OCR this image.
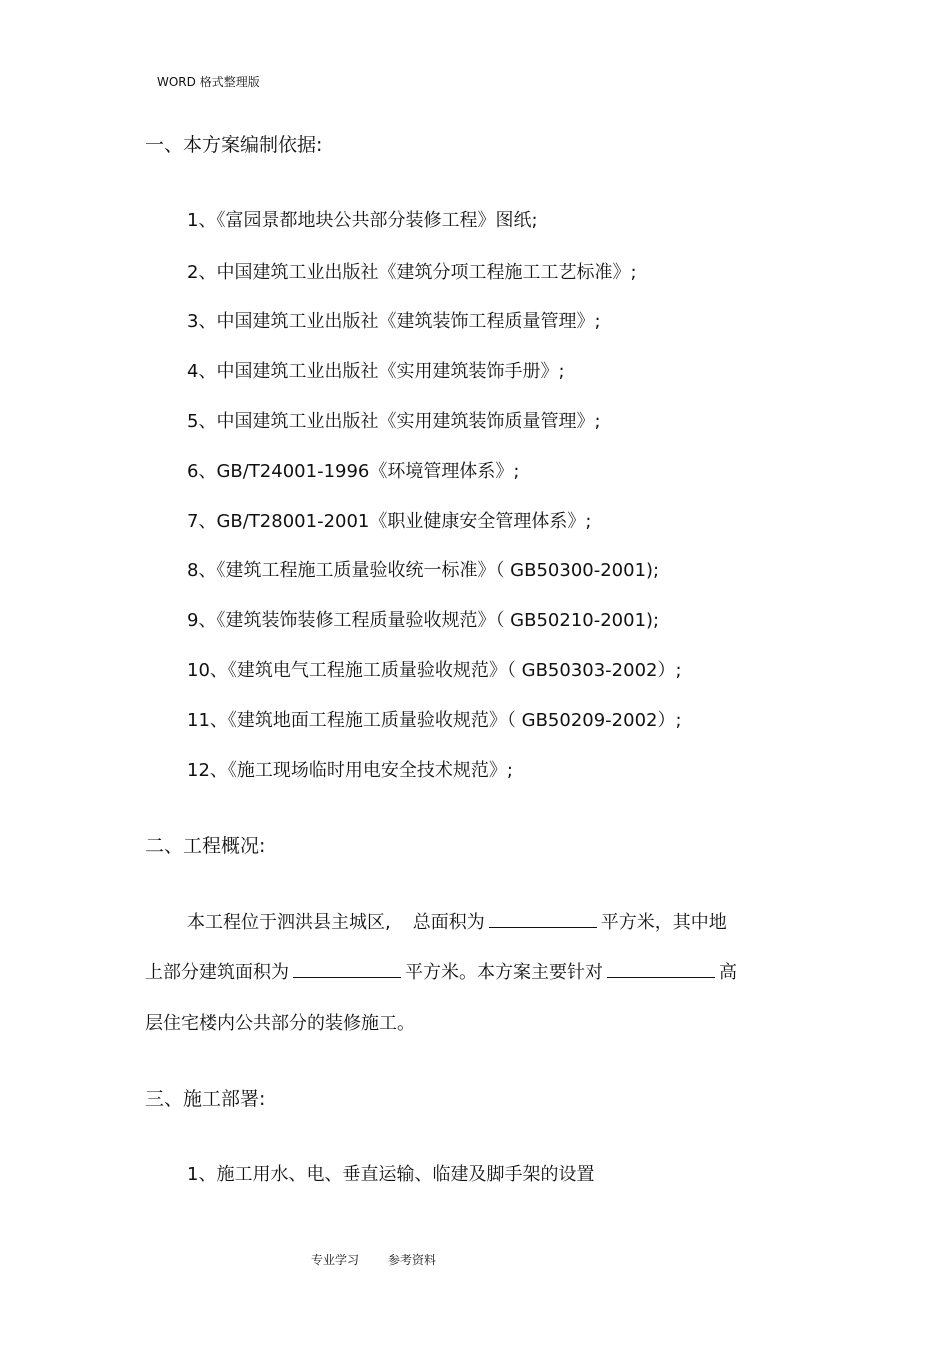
WORD 格式整理版
一、本方案编制依据:
1、《富园景都地块公共部分装修工程》图纸;
2、中国建筑工业出版社《建筑分项工程施工工艺标准》;
3、中国建筑工业出版社《建筑装饰工程质量管理》;
4、中国建筑工业出版社《实用建筑装饰手册》;
5、中国建筑工业出版社《实用建筑装饰质量管理》;
6、GB/T24001-1996《环境管理体系》;
7、GB/T28001-2001《职业健康安全管理体系》;
8、《建筑工程施工质量验收统一标准》（ GB50300-2001);
9、《建筑装饰装修工程质量验收规范》（ GB50210-2001);
10、《建筑电气工程施工质量验收规范》（ GB50303-2002）;
11、《建筑地面工程施工质量验收规范》（ GB50209-2002）;
12、《施工现场临时用电安全技术规范》;
二、工程概况:
本工程位于泗洪县主城区, 总面积为	平方米，其中地
上部分建筑面积为	平方米。本方案主要针对	高
层住宅楼内公共部分的装修施工。
三、施工部署:
1、施工用水、电、垂直运输、临建及脚手架的设置
专业学习 参考资料
